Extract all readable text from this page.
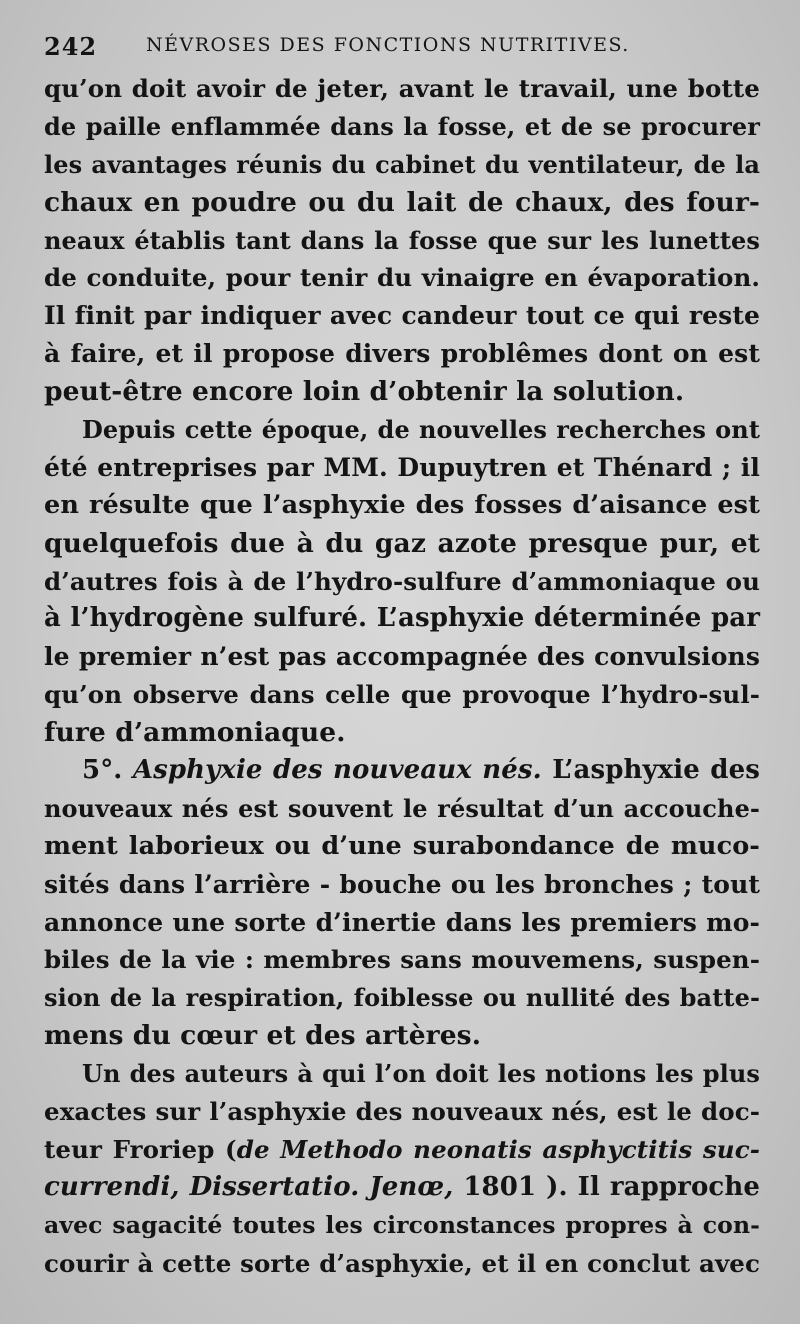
242	NÉVROSES DES FONCTIONS NUTRITIVES.
qu’on doit avoir de jeter, avant le travail, une botte
de paille enflammée dans la fosse, et de se procurer
les avantages réunis du cabinet du ventilateur, de la
chaux en poudre ou du lait de chaux, des four-
neaux établis tant dans la fosse que sur les lunettes
de conduite, pour tenir du vinaigre en évaporation.
Il finit par indiquer avec candeur tout ce qui reste
à faire, et il propose divers problêmes dont on est
peut-être encore loin d’obtenir la solution.
Depuis cette époque, de nouvelles recherches ont
été entreprises par MM. Dupuytren et Thénard ; il
en résulte que l’asphyxie des fosses d’aisance est
quelquefois due à du gaz azote presque pur, et
d’autres fois à de l’hydro-sulfure d’ammoniaque ou
à l’hydrogène sulfuré. L’asphyxie déterminée par
le premier n’est pas accompagnée des convulsions
qu’on observe dans celle que provoque l’hydro-sul-
fure d’ammoniaque.
5°. Asphyxie des nouveaux nés. L’asphyxie des
nouveaux nés est souvent le résultat d’un accouche-
ment laborieux ou d’une surabondance de muco-
sités dans l’arrière - bouche ou les bronches ; tout
annonce une sorte d’inertie dans les premiers mo-
biles de la vie : membres sans mouvemens, suspen-
sion de la respiration, foiblesse ou nullité des batte-
mens du cœur et des artères.
Un des auteurs à qui l’on doit les notions les plus
exactes sur l’asphyxie des nouveaux nés, est le doc-
teur Froriep (de Methodo neonatis asphyctitis suc-
currendi, Dissertatio. Jenœ, 1801 ). Il rapproche
avec sagacité toutes les circonstances propres à con-
courir à cette sorte d’asphyxie, et il en conclut avec
